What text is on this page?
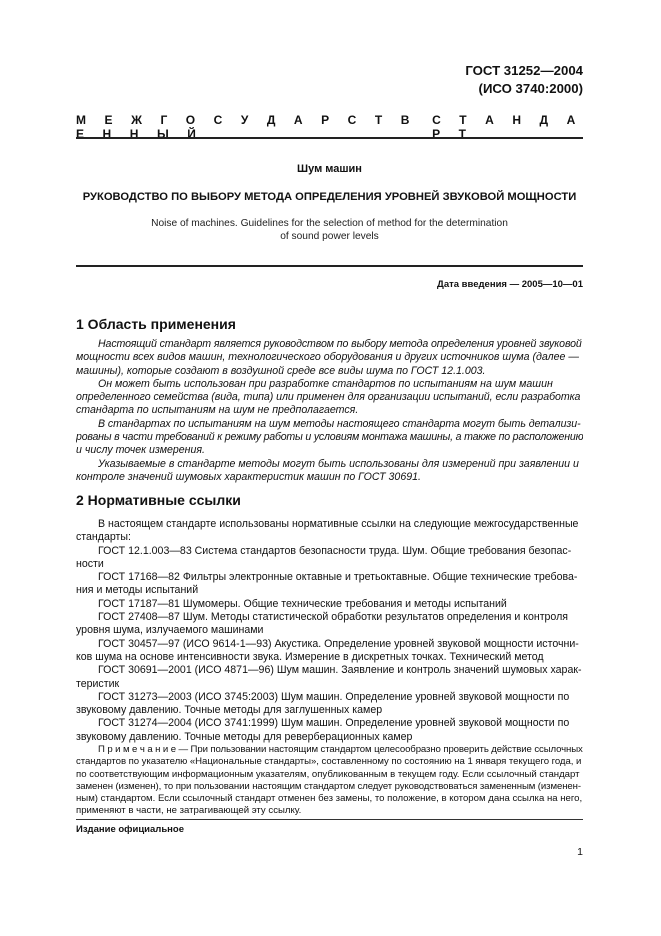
ГОСТ 31252—2004
(ИСО 3740:2000)
М Е Ж Г О С У Д А Р С Т В Е Н Н Ы Й
С Т А Н Д А Р Т
Шум машин
РУКОВОДСТВО ПО ВЫБОРУ МЕТОДА ОПРЕДЕЛЕНИЯ УРОВНЕЙ ЗВУКОВОЙ МОЩНОСТИ
Noise of machines. Guidelines for the selection of method for the determination
of sound power levels
Дата введения — 2005—10—01
1 Область применения
Настоящий стандарт является руководством по выбору метода определения уровней звуковой
мощности всех видов машин, технологического оборудования и других источников шума (далее —
машины), которые создают в воздушной среде все виды шума по ГОСТ 12.1.003.
Он может быть использован при разработке стандартов по испытаниям на шум машин
определенного семейства (вида, типа) или применен для организации испытаний, если разработка
стандарта по испытаниям на шум не предполагается.
В стандартах по испытаниям на шум методы настоящего стандарта могут быть детализи-
рованы в части требований к режиму работы и условиям монтажа машины, а также по расположению
и числу точек измерения.
Указываемые в стандарте методы могут быть использованы для измерений при заявлении и
контроле значений шумовых характеристик машин по ГОСТ 30691.
2 Нормативные ссылки
В настоящем стандарте использованы нормативные ссылки на следующие межгосударственные
стандарты:
ГОСТ 12.1.003—83 Система стандартов безопасности труда. Шум. Общие требования безопас-
ности
ГОСТ 17168—82 Фильтры электронные октавные и третьоктавные. Общие технические требова-
ния и методы испытаний
ГОСТ 17187—81 Шумомеры. Общие технические требования и методы испытаний
ГОСТ 27408—87 Шум. Методы статистической обработки результатов определения и контроля
уровня шума, излучаемого машинами
ГОСТ 30457—97 (ИСО 9614-1—93) Акустика. Определение уровней звуковой мощности источни-
ков шума на основе интенсивности звука. Измерение в дискретных точках. Технический метод
ГОСТ 30691—2001 (ИСО 4871—96) Шум машин. Заявление и контроль значений шумовых харак-
теристик
ГОСТ 31273—2003 (ИСО 3745:2003) Шум машин. Определение уровней звуковой мощности по
звуковому давлению. Точные методы для заглушенных камер
ГОСТ 31274—2004 (ИСО 3741:1999) Шум машин. Определение уровней звуковой мощности по
звуковому давлению. Точные методы для реверберационных камер
П р и м е ч а н и е — При пользовании настоящим стандартом целесообразно проверить действие ссылочных
стандартов по указателю «Национальные стандарты», составленному по состоянию на 1 января текущего года, и
по соответствующим информационным указателям, опубликованным в текущем году. Если ссылочный стандарт
заменен (изменен), то при пользовании настоящим стандартом следует руководствоваться замененным (изменен-
ным) стандартом. Если ссылочный стандарт отменен без замены, то положение, в котором дана ссылка на него,
применяют в части, не затрагивающей эту ссылку.
Издание официальное
1
